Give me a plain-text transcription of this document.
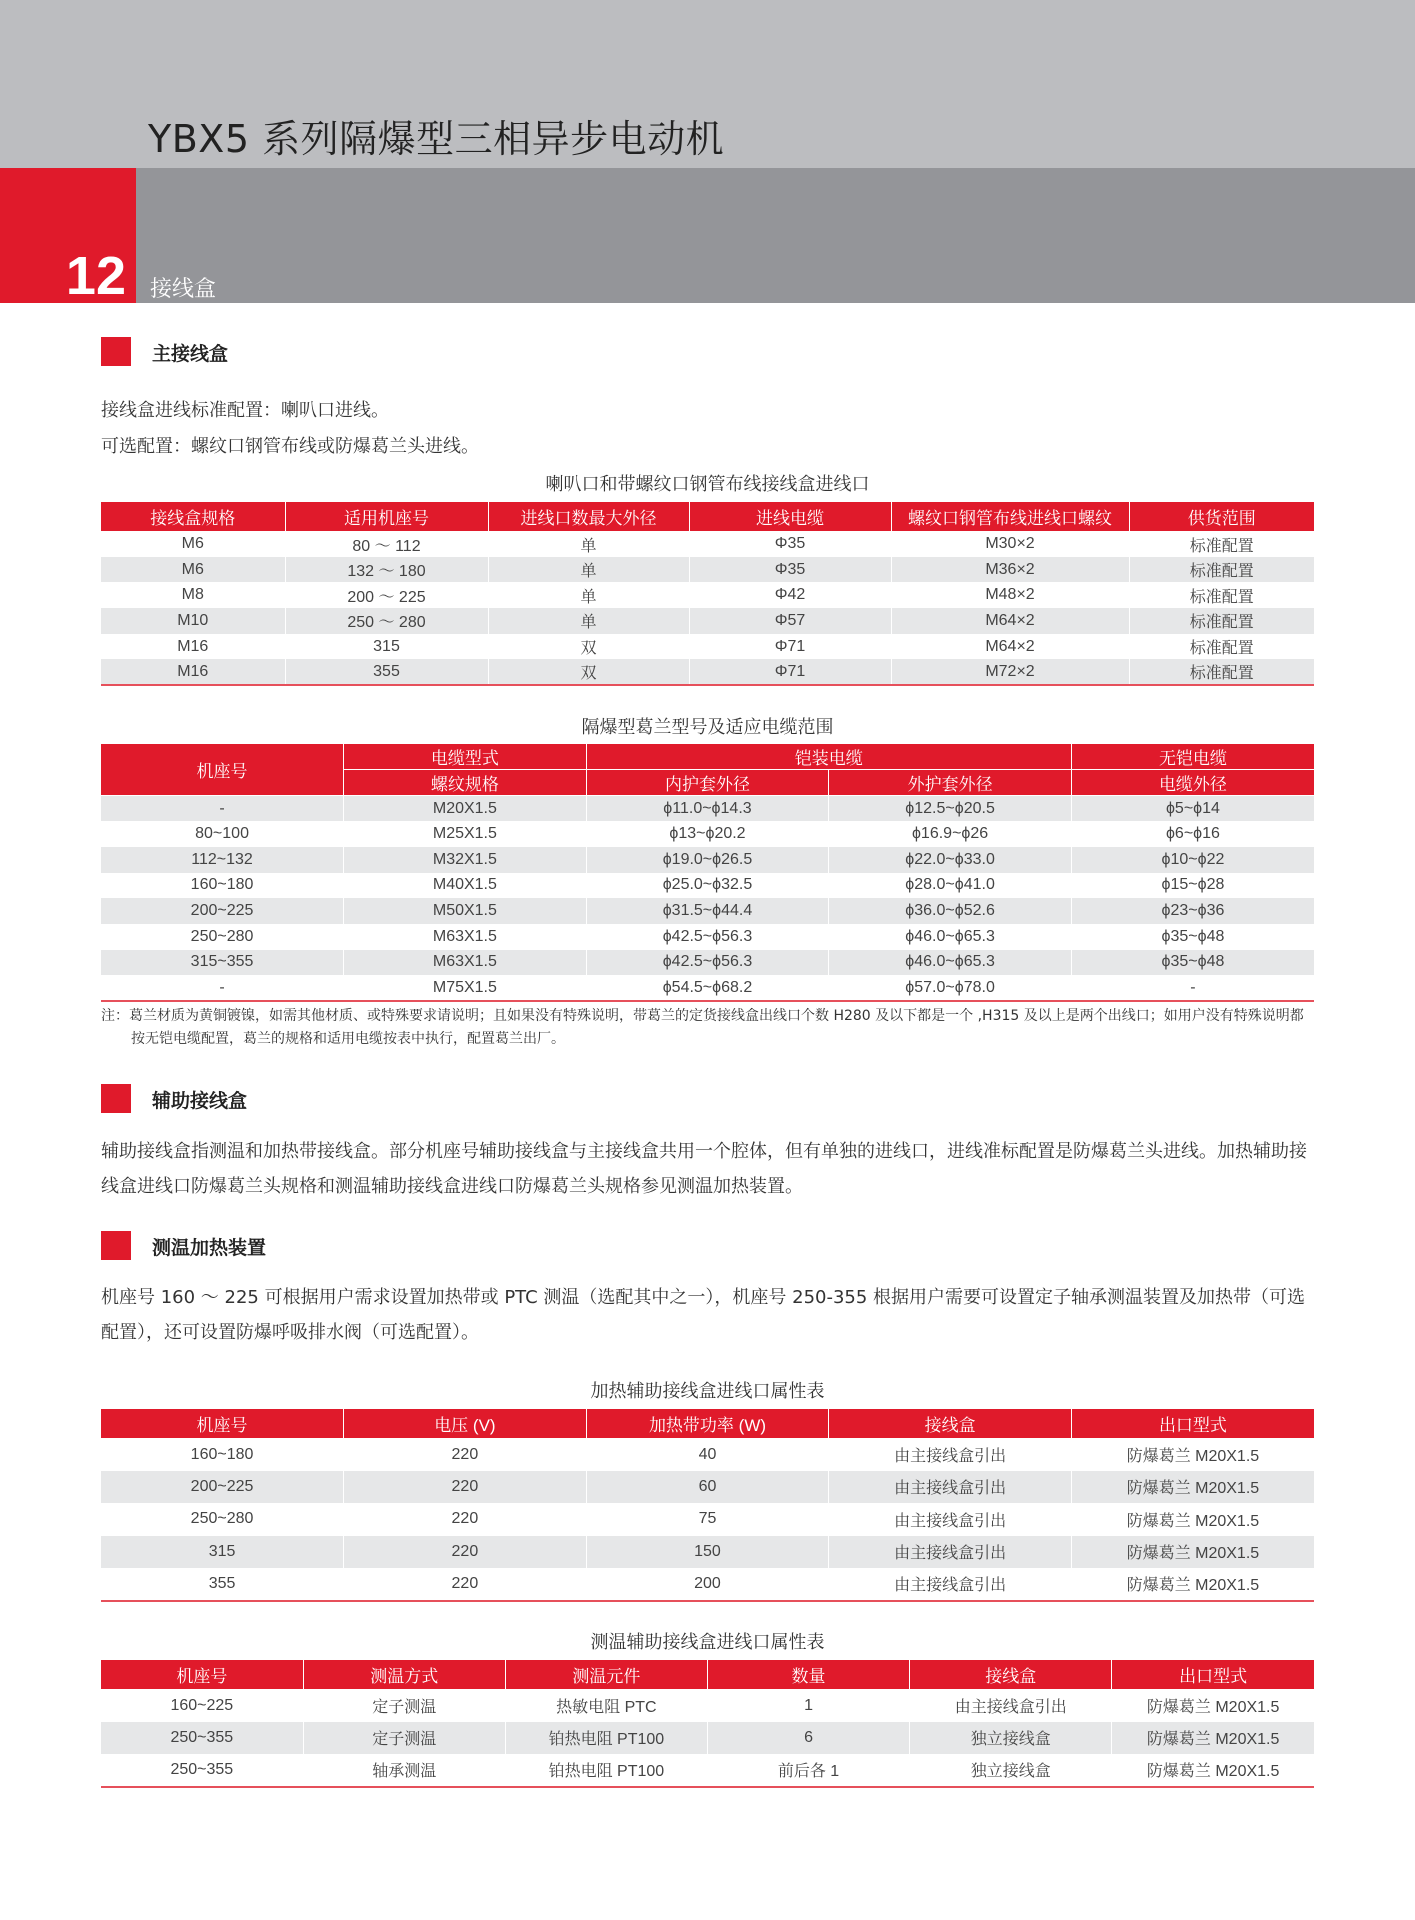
YBX5 系列隔爆型三相异步电动机
12 接线盒
主接线盒
接线盒进线标准配置：喇叭口进线。
可选配置：螺纹口钢管布线或防爆葛兰头进线。
喇叭口和带螺纹口钢管布线接线盒进线口
接线盒规格	适用机座号	进线口数最大外径	进线电缆	螺纹口钢管布线进线口螺纹	供货范围
M6	80 ～ 112	单	Φ35	M30×2	标准配置
M6	132 ～ 180	单	Φ35	M36×2	标准配置
M8	200 ～ 225	单	Φ42	M48×2	标准配置
M10	250 ～ 280	单	Φ57	M64×2	标准配置
M16	315	双	Φ71	M64×2	标准配置
M16	355	双	Φ71	M72×2	标准配置
隔爆型葛兰型号及适应电缆范围
机座号	电缆型式	铠装电缆		无铠电缆
	螺纹规格	内护套外径	外护套外径	电缆外径
-	M20X1.5	ϕ11.0~ϕ14.3	ϕ12.5~ϕ20.5	ϕ5~ϕ14
80~100	M25X1.5	ϕ13~ϕ20.2	ϕ16.9~ϕ26	ϕ6~ϕ16
112~132	M32X1.5	ϕ19.0~ϕ26.5	ϕ22.0~ϕ33.0	ϕ10~ϕ22
160~180	M40X1.5	ϕ25.0~ϕ32.5	ϕ28.0~ϕ41.0	ϕ15~ϕ28
200~225	M50X1.5	ϕ31.5~ϕ44.4	ϕ36.0~ϕ52.6	ϕ23~ϕ36
250~280	M63X1.5	ϕ42.5~ϕ56.3	ϕ46.0~ϕ65.3	ϕ35~ϕ48
315~355	M63X1.5	ϕ42.5~ϕ56.3	ϕ46.0~ϕ65.3	ϕ35~ϕ48
-	M75X1.5	ϕ54.5~ϕ68.2	ϕ57.0~ϕ78.0	-
注：葛兰材质为黄铜镀镍，如需其他材质、或特殊要求请说明；且如果没有特殊说明，带葛兰的定货接线盒出线口个数 H280 及以下都是一个 ,H315 及以上是两个出线口；如用户没有特殊说明都按无铠电缆配置，葛兰的规格和适用电缆按表中执行，配置葛兰出厂。
辅助接线盒
辅助接线盒指测温和加热带接线盒。部分机座号辅助接线盒与主接线盒共用一个腔体，但有单独的进线口，进线准标配置是防爆葛兰头进线。加热辅助接线盒进线口防爆葛兰头规格和测温辅助接线盒进线口防爆葛兰头规格参见测温加热装置。
测温加热装置
机座号 160 ～ 225 可根据用户需求设置加热带或 PTC 测温（选配其中之一），机座号 250-355 根据用户需要可设置定子轴承测温装置及加热带（可选配置），还可设置防爆呼吸排水阀（可选配置）。
加热辅助接线盒进线口属性表
机座号	电压 (V)	加热带功率 (W)	接线盒	出口型式
160~180	220	40	由主接线盒引出	防爆葛兰 M20X1.5
200~225	220	60	由主接线盒引出	防爆葛兰 M20X1.5
250~280	220	75	由主接线盒引出	防爆葛兰 M20X1.5
315	220	150	由主接线盒引出	防爆葛兰 M20X1.5
355	220	200	由主接线盒引出	防爆葛兰 M20X1.5
测温辅助接线盒进线口属性表
机座号	测温方式	测温元件	数量	接线盒	出口型式
160~225	定子测温	热敏电阻 PTC	1	由主接线盒引出	防爆葛兰 M20X1.5
250~355	定子测温	铂热电阻 PT100	6	独立接线盒	防爆葛兰 M20X1.5
250~355	轴承测温	铂热电阻 PT100	前后各 1	独立接线盒	防爆葛兰 M20X1.5
